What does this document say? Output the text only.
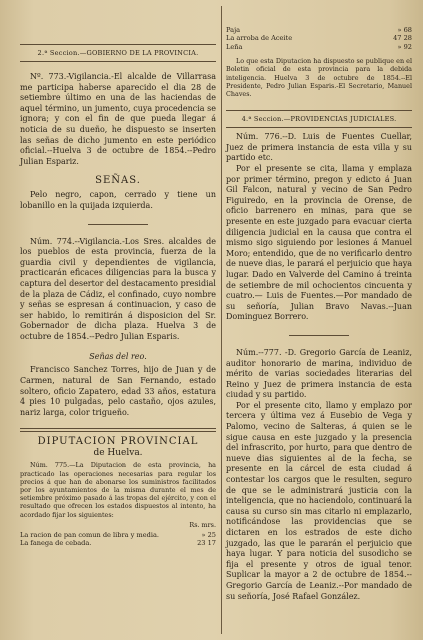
2.ª Seccion.—GOBIERNO DE LA PROVINCIA.

Nº. 773.-Vigilancia.-El alcalde de Villarrasa me participa haberse aparecido el dia 28 de setiembre último en una de las haciendas de aquel término, un jumento, cuya procedencia se ignora; y con el fin de que pueda llegar á noticia de su dueño, he dispuesto se inserten las señas de dicho jumento en este periódico oficial.--Huelva 3 de octubre de 1854.--Pedro Julian Espariz.

SEÑAS.

Pelo negro, capon, cerrado y tiene un lobanillo en la quijada izquierda.

Núm. 774.--Vigilancia.-Los Sres. alcaldes de los pueblos de esta provincia, fuerza de la guardia civil y dependientes de vigilancia, practicarán eficaces diligencias para la busca y captura del desertor del destacamento presidial de la plaza de Cádiz, el confinado, cuyo nombre y señas se espresan á continuacion, y caso de ser habido, lo remitirán á disposicion del Sr. Gobernador de dicha plaza. Huelva 3 de octubre de 1854.--Pedro Julian Esparis.

Señas del reo.

Francisco Sanchez Torres, hijo de Juan y de Carmen, natural de San Fernando, estado soltero, oficio Zapatero, edad 33 años, estatura 4 pies 10 pulgadas, pelo castaño, ojos azules, nariz larga, color trigueño.

DIPUTACION PROVINCIAL

de Huelva.

Núm. 775.—La Diputacion de esta provincia, ha practicado las operaciones necesarias para regular los precios á que han de abonarse los suministros facilitados por los ayuntamientos de la misma durante el mes de setiembre próximo pasado á las tropas del ejército, y con el resultado que ofrecen los estados dispuestos al intento, ha acordado fijar los siguientes:

Rs. mrs.

La racion de pan comun de libra y media.	» 25
La fanega de cebada.	23 17
Paja	» 68
La arroba de Aceite	47 28
Leña	» 92

Lo que esta Diputacion ha dispuesto se publique en el Boletin oficial de esta provincia para la debida inteligencia. Huelva 3 de octubre de 1854.--El Presidente, Pedro Julian Esparis.-El Secretario, Manuel Chaves.

4.ª Seccion.—PROVIDENCIAS JUDICIALES.

Núm. 776.--D. Luis de Fuentes Cuellar, Juez de primera instancia de esta villa y su partido etc.

Por el presente se cita, llama y emplaza por primer término, pregon y edicto á Juan Gil Falcon, natural y vecino de San Pedro Figuiredo, en la provincia de Orense, de oficio barrenero en minas, para que se presente en este juzgado para evacuar cierta diligencia judicial en la causa que contra el mismo sigo siguiendo por lesiones á Manuel Moro; entendido, que de no verificarlo dentro de nueve dias, le parará el perjuicio que haya lugar. Dado en Valverde del Camino á treinta de setiembre de mil ochocientos cincuenta y cuatro.— Luis de Fuentes.—Por mandado de su señoría, Julian Bravo Navas.--Juan Dominguez Borrero.

Núm.--777. -D. Gregorio García de Leaniz, auditor honorario de marina, individuo de mérito de varias sociedades literarias del Reino y Juez de primera instancia de esta ciudad y su partido.

Por el presente cito, llamo y emplazo por tercera y última vez á Eusebio de Vega y Palomo, vecino de Salteras, á quien se le sigue causa en este juzgado y la presencia del infrascrito, por hurto, para que dentro de nueve dias siguientes al de la fecha, se presente en la cárcel de esta ciudad á contestar los cargos que le resulten, seguro de que se le administrará justicia con la inteligencia, que no haciendolo, continuará la causa su curso sin mas citarlo ni emplazarlo, notificándose las providencias que se dictaren en los estrados de este dicho juzgado, las que le pararán el perjuicio que haya lugar. Y para noticia del susodicho se fija el presente y otros de igual tenor. Suplicar la mayor a 2 de octubre de 1854.--Gregorio García de Leaniz.--Por mandado de su señoría, José Rafael González.
